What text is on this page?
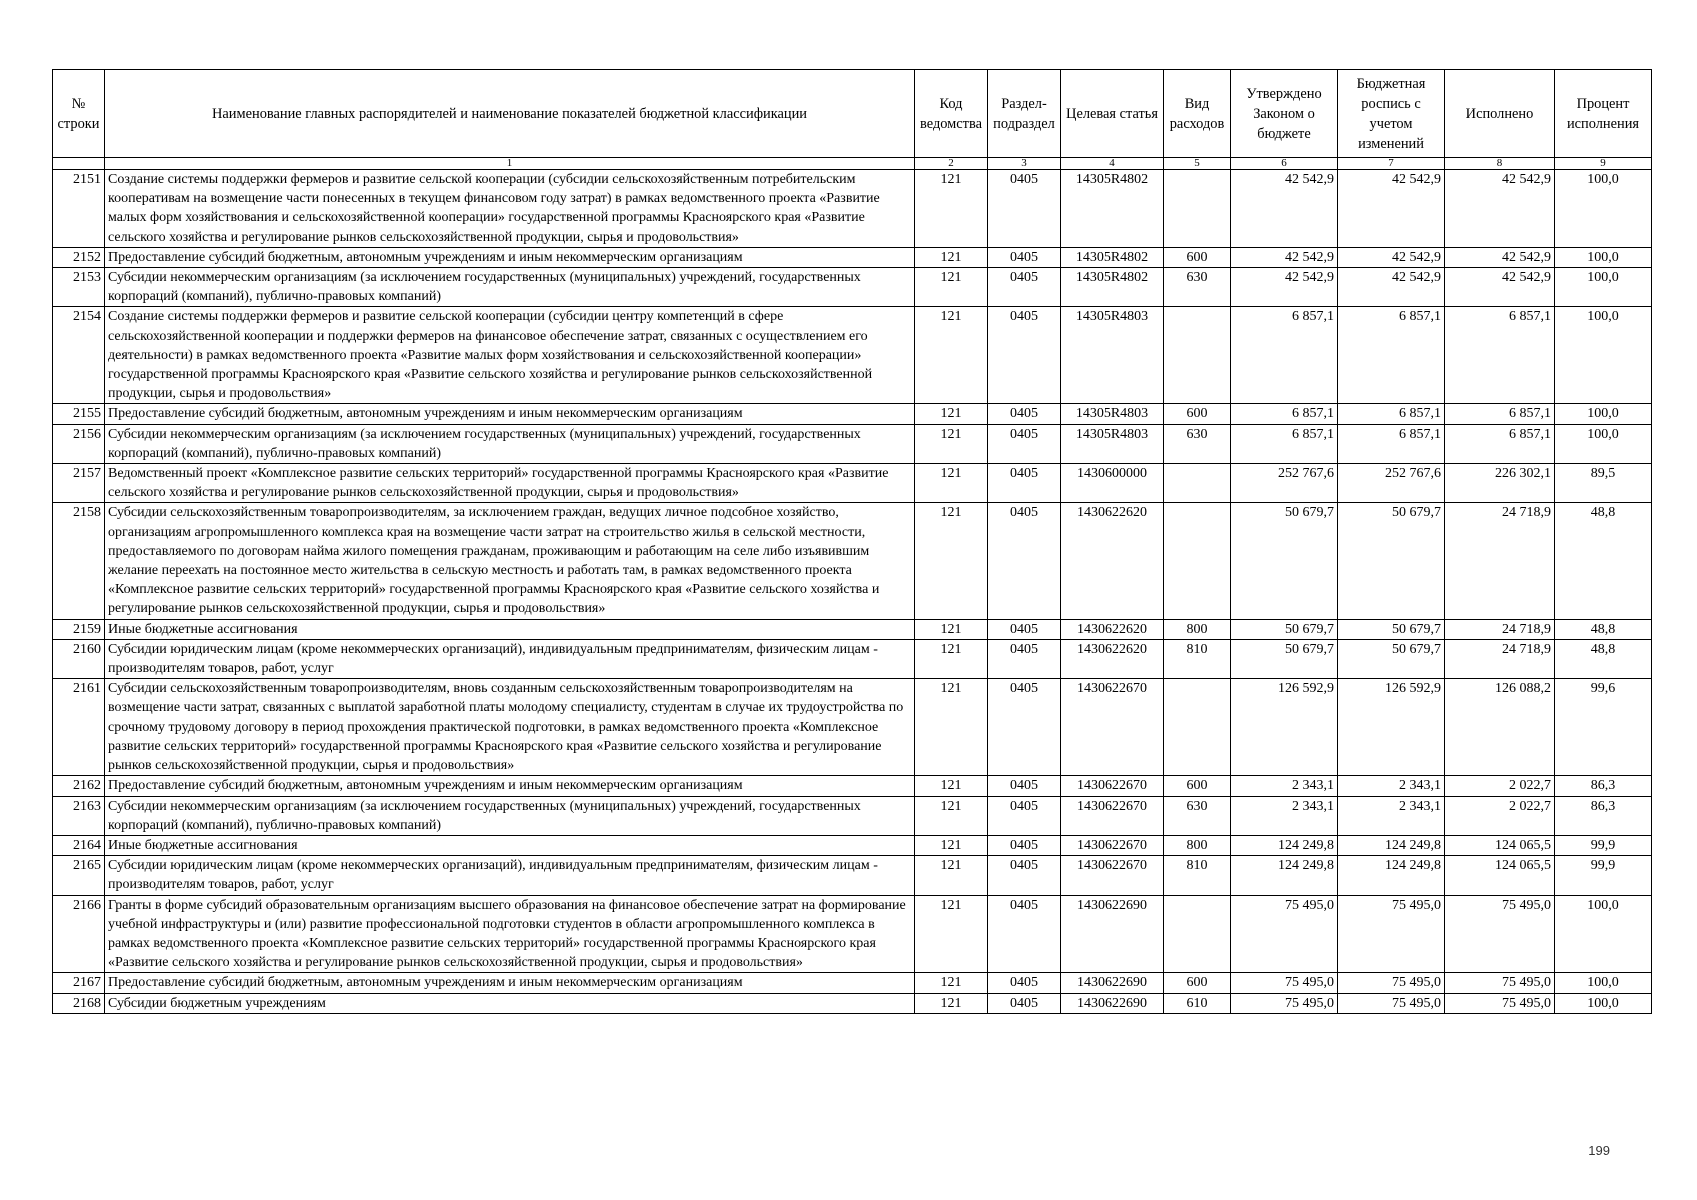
№ строки	Наименование главных распорядителей и наименование показателей бюджетной классификации	Код ведомства	Раздел-подраздел	Целевая статья	Вид расходов	Утверждено Законом о бюджете	Бюджетная роспись с учетом изменений	Исполнено	Процент исполнения
	1	2	3	4	5	6	7	8	9
2151	Создание системы поддержки фермеров и развитие сельской кооперации (субсидии сельскохозяйственным потребительским кооперативам на возмещение части понесенных в текущем финансовом году затрат) в рамках ведомственного проекта «Развитие малых форм хозяйствования и сельскохозяйственной кооперации» государственной программы Красноярского края «Развитие сельского хозяйства и регулирование рынков сельскохозяйственной продукции, сырья и продовольствия»	121	0405	14305R4802		42 542,9	42 542,9	42 542,9	100,0
2152	Предоставление субсидий бюджетным, автономным учреждениям и иным некоммерческим организациям	121	0405	14305R4802	600	42 542,9	42 542,9	42 542,9	100,0
2153	Субсидии некоммерческим организациям (за исключением государственных (муниципальных) учреждений, государственных корпораций (компаний), публично-правовых компаний)	121	0405	14305R4802	630	42 542,9	42 542,9	42 542,9	100,0
2154	Создание системы поддержки фермеров и развитие сельской кооперации (субсидии центру компетенций в сфере сельскохозяйственной кооперации и поддержки фермеров на финансовое обеспечение затрат, связанных с осуществлением его деятельности) в рамках ведомственного проекта «Развитие малых форм хозяйствования и сельскохозяйственной кооперации» государственной программы Красноярского края «Развитие сельского хозяйства и регулирование рынков сельскохозяйственной продукции, сырья и продовольствия»	121	0405	14305R4803		6 857,1	6 857,1	6 857,1	100,0
2155	Предоставление субсидий бюджетным, автономным учреждениям и иным некоммерческим организациям	121	0405	14305R4803	600	6 857,1	6 857,1	6 857,1	100,0
2156	Субсидии некоммерческим организациям (за исключением государственных (муниципальных) учреждений, государственных корпораций (компаний), публично-правовых компаний)	121	0405	14305R4803	630	6 857,1	6 857,1	6 857,1	100,0
2157	Ведомственный проект «Комплексное развитие сельских территорий» государственной программы Красноярского края «Развитие сельского хозяйства и регулирование рынков сельскохозяйственной продукции, сырья и продовольствия»	121	0405	1430600000		252 767,6	252 767,6	226 302,1	89,5
2158	Субсидии сельскохозяйственным товаропроизводителям, за исключением граждан, ведущих личное подсобное хозяйство, организациям агропромышленного комплекса края на возмещение части затрат на строительство жилья в сельской местности, предоставляемого по договорам найма жилого помещения гражданам, проживающим и работающим на селе либо изъявившим желание переехать на постоянное место жительства в сельскую местность и работать там, в рамках ведомственного проекта «Комплексное развитие сельских территорий» государственной программы Красноярского края «Развитие сельского хозяйства и регулирование рынков сельскохозяйственной продукции, сырья и продовольствия»	121	0405	1430622620		50 679,7	50 679,7	24 718,9	48,8
2159	Иные бюджетные ассигнования	121	0405	1430622620	800	50 679,7	50 679,7	24 718,9	48,8
2160	Субсидии юридическим лицам (кроме некоммерческих организаций), индивидуальным предпринимателям, физическим лицам - производителям товаров, работ, услуг	121	0405	1430622620	810	50 679,7	50 679,7	24 718,9	48,8
2161	Субсидии сельскохозяйственным товаропроизводителям, вновь созданным сельскохозяйственным товаропроизводителям на возмещение части затрат, связанных с выплатой заработной платы молодому специалисту, студентам в случае их трудоустройства по срочному трудовому договору в период прохождения практической подготовки, в рамках ведомственного проекта «Комплексное развитие сельских территорий» государственной программы Красноярского края «Развитие сельского хозяйства и регулирование рынков сельскохозяйственной продукции, сырья и продовольствия»	121	0405	1430622670		126 592,9	126 592,9	126 088,2	99,6
2162	Предоставление субсидий бюджетным, автономным учреждениям и иным некоммерческим организациям	121	0405	1430622670	600	2 343,1	2 343,1	2 022,7	86,3
2163	Субсидии некоммерческим организациям (за исключением государственных (муниципальных) учреждений, государственных корпораций (компаний), публично-правовых компаний)	121	0405	1430622670	630	2 343,1	2 343,1	2 022,7	86,3
2164	Иные бюджетные ассигнования	121	0405	1430622670	800	124 249,8	124 249,8	124 065,5	99,9
2165	Субсидии юридическим лицам (кроме некоммерческих организаций), индивидуальным предпринимателям, физическим лицам - производителям товаров, работ, услуг	121	0405	1430622670	810	124 249,8	124 249,8	124 065,5	99,9
2166	Гранты в форме субсидий образовательным организациям высшего образования на финансовое обеспечение затрат на формирование учебной инфраструктуры и (или) развитие профессиональной подготовки студентов в области агропромышленного комплекса в рамках ведомственного проекта «Комплексное развитие сельских территорий» государственной программы Красноярского края «Развитие сельского хозяйства и регулирование рынков сельскохозяйственной продукции, сырья и продовольствия»	121	0405	1430622690		75 495,0	75 495,0	75 495,0	100,0
2167	Предоставление субсидий бюджетным, автономным учреждениям и иным некоммерческим организациям	121	0405	1430622690	600	75 495,0	75 495,0	75 495,0	100,0
2168	Субсидии бюджетным учреждениям	121	0405	1430622690	610	75 495,0	75 495,0	75 495,0	100,0
199
